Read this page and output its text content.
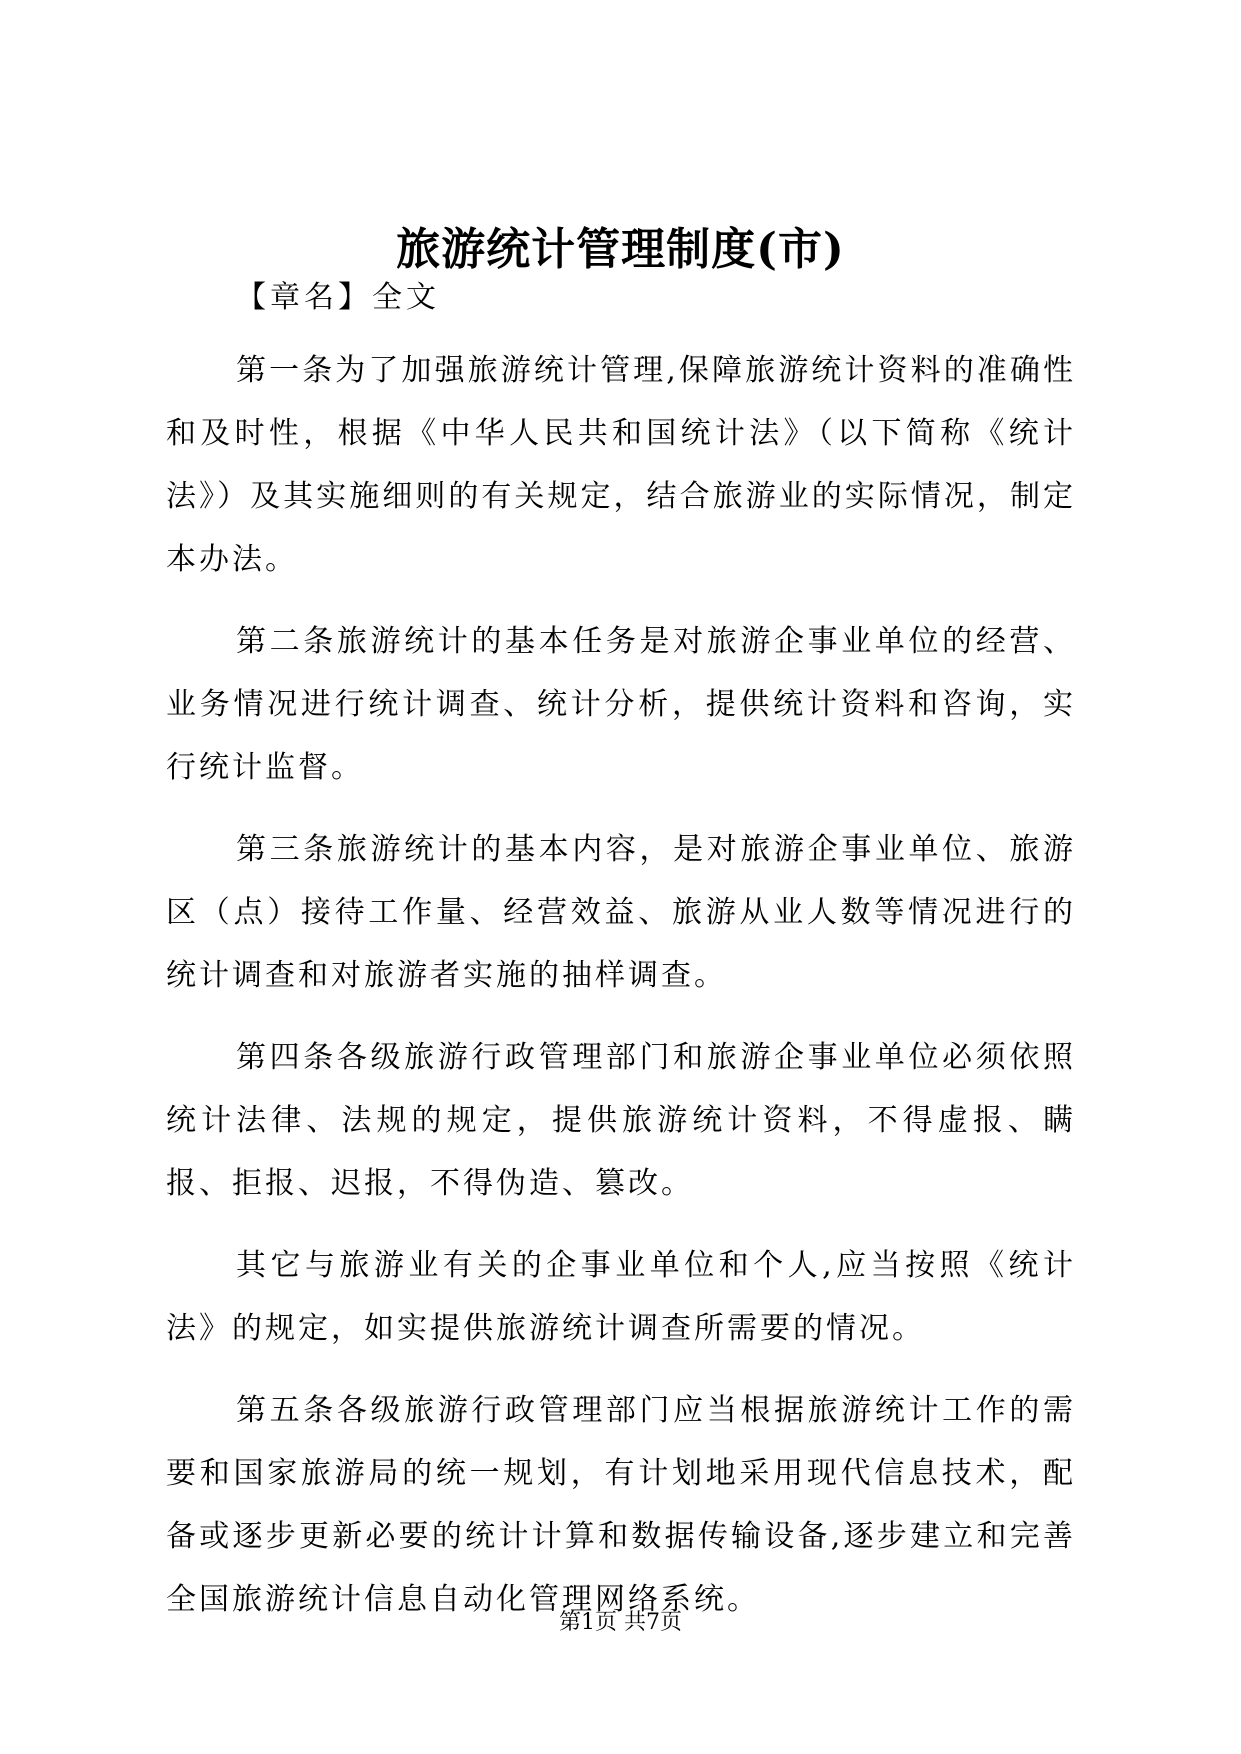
旅游统计管理制度(市)

【章名】全文

第一条为了加强旅游统计管理,保障旅游统计资料的准确性和及时性，根据《中华人民共和国统计法》（以下简称《统计法》）及其实施细则的有关规定，结合旅游业的实际情况，制定本办法。

第二条旅游统计的基本任务是对旅游企事业单位的经营、业务情况进行统计调查、统计分析，提供统计资料和咨询，实行统计监督。

第三条旅游统计的基本内容，是对旅游企事业单位、旅游区（点）接待工作量、经营效益、旅游从业人数等情况进行的统计调查和对旅游者实施的抽样调查。

第四条各级旅游行政管理部门和旅游企事业单位必须依照统计法律、法规的规定，提供旅游统计资料，不得虚报、瞒报、拒报、迟报，不得伪造、篡改。

其它与旅游业有关的企事业单位和个人,应当按照《统计法》的规定，如实提供旅游统计调查所需要的情况。

第五条各级旅游行政管理部门应当根据旅游统计工作的需要和国家旅游局的统一规划，有计划地采用现代信息技术，配备或逐步更新必要的统计计算和数据传输设备,逐步建立和完善全国旅游统计信息自动化管理网络系统。

第1页 共7页
